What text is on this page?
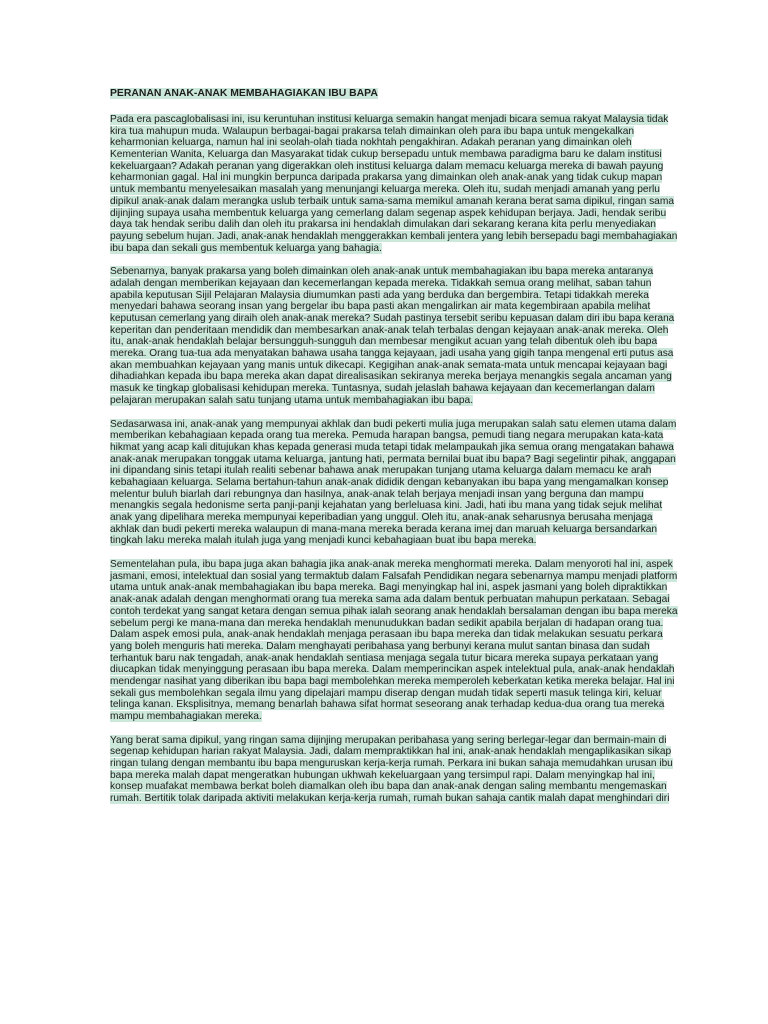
PERANAN ANAK-ANAK MEMBAHAGIAKAN IBU BAPA
Pada era pascaglobalisasi ini, isu keruntuhan institusi keluarga semakin hangat menjadi bicara semua rakyat Malaysia tidak
kira tua mahupun muda. Walaupun berbagai-bagai prakarsa telah dimainkan oleh para ibu bapa untuk mengekalkan
keharmonian keluarga, namun hal ini seolah-olah tiada nokhtah pengakhiran. Adakah peranan yang dimainkan oleh
Kementerian Wanita, Keluarga dan Masyarakat tidak cukup bersepadu untuk membawa paradigma baru ke dalam institusi
kekeluargaan? Adakah peranan yang digerakkan oleh institusi keluarga dalam memacu keluarga mereka di bawah payung
keharmonian gagal. Hal ini mungkin berpunca daripada prakarsa yang dimainkan oleh anak-anak yang tidak cukup mapan
untuk membantu menyelesaikan masalah yang menunjangi keluarga mereka. Oleh itu, sudah menjadi amanah yang perlu
dipikul anak-anak dalam merangka uslub terbaik untuk sama-sama memikul amanah kerana berat sama dipikul, ringan sama
dijinjing supaya usaha membentuk keluarga yang cemerlang dalam segenap aspek kehidupan berjaya. Jadi, hendak seribu
daya tak hendak seribu dalih dan oleh itu prakarsa ini hendaklah dimulakan dari sekarang kerana kita perlu menyediakan
payung sebelum hujan. Jadi, anak-anak hendaklah menggerakkan kembali jentera yang lebih bersepadu bagi membahagiakan
ibu bapa dan sekali gus membentuk keluarga yang bahagia.
Sebenarnya, banyak prakarsa yang boleh dimainkan oleh anak-anak untuk membahagiakan ibu bapa mereka antaranya
adalah dengan memberikan kejayaan dan kecemerlangan kepada mereka. Tidakkah semua orang melihat, saban tahun
apabila keputusan Sijil Pelajaran Malaysia diumumkan pasti ada yang berduka dan bergembira. Tetapi tidakkah mereka
menyedari bahawa seorang insan yang bergelar ibu bapa pasti akan mengalirkan air mata kegembiraan apabila melihat
keputusan cemerlang yang diraih oleh anak-anak mereka? Sudah pastinya tersebit seribu kepuasan dalam diri ibu bapa kerana
keperitan dan penderitaan mendidik dan membesarkan anak-anak telah terbalas dengan kejayaan anak-anak mereka. Oleh
itu, anak-anak hendaklah belajar bersungguh-sungguh dan membesar mengikut acuan yang telah dibentuk oleh ibu bapa
mereka. Orang tua-tua ada menyatakan bahawa usaha tangga kejayaan, jadi usaha yang gigih tanpa mengenal erti putus asa
akan membuahkan kejayaan yang manis untuk dikecapi. Kegigihan anak-anak semata-mata untuk mencapai kejayaan bagi
dihadiahkan kepada ibu bapa mereka akan dapat direalisasikan sekiranya mereka berjaya menangkis segala ancaman yang
masuk ke tingkap globalisasi kehidupan mereka. Tuntasnya, sudah jelaslah bahawa kejayaan dan kecemerlangan dalam
pelajaran merupakan salah satu tunjang utama untuk membahagiakan ibu bapa.
Sedasarwasa ini, anak-anak yang mempunyai akhlak dan budi pekerti mulia juga merupakan salah satu elemen utama dalam
memberikan kebahagiaan kepada orang tua mereka. Pemuda harapan bangsa, pemudi tiang negara merupakan kata-kata
hikmat yang acap kali ditujukan khas kepada generasi muda tetapi tidak melampaukah jika semua orang mengatakan bahawa
anak-anak merupakan tonggak utama keluarga, jantung hati, permata bernilai buat ibu bapa? Bagi segelintir pihak, anggapan
ini dipandang sinis tetapi itulah realiti sebenar bahawa anak merupakan tunjang utama keluarga dalam memacu ke arah
kebahagiaan keluarga. Selama bertahun-tahun anak-anak dididik dengan kebanyakan ibu bapa yang mengamalkan konsep
melentur buluh biarlah dari rebungnya dan hasilnya, anak-anak telah berjaya menjadi insan yang berguna dan mampu
menangkis segala hedonisme serta panji-panji kejahatan yang berleluasa kini. Jadi, hati ibu mana yang tidak sejuk melihat
anak yang dipelihara mereka mempunyai keperibadian yang unggul. Oleh itu, anak-anak seharusnya berusaha menjaga
akhlak dan budi pekerti mereka walaupun di mana-mana mereka berada kerana imej dan maruah keluarga bersandarkan
tingkah laku mereka malah itulah juga yang menjadi kunci kebahagiaan buat ibu bapa mereka.
Sementelahan pula, ibu bapa juga akan bahagia jika anak-anak mereka menghormati mereka. Dalam menyoroti hal ini, aspek
jasmani, emosi, intelektual dan sosial yang termaktub dalam Falsafah Pendidikan negara sebenarnya mampu menjadi platform
utama untuk anak-anak membahagiakan ibu bapa mereka. Bagi menyingkap hal ini, aspek jasmani yang boleh dipraktikkan
anak-anak adalah dengan menghormati orang tua mereka sama ada dalam bentuk perbuatan mahupun perkataan. Sebagai
contoh terdekat yang sangat ketara dengan semua pihak ialah seorang anak hendaklah bersalaman dengan ibu bapa mereka
sebelum pergi ke mana-mana dan mereka hendaklah menunudukkan badan sedikit apabila berjalan di hadapan orang tua.
Dalam aspek emosi pula, anak-anak hendaklah menjaga perasaan ibu bapa mereka dan tidak melakukan sesuatu perkara
yang boleh menguris hati mereka. Dalam menghayati peribahasa yang berbunyi kerana mulut santan binasa dan sudah
terhantuk baru nak tengadah, anak-anak hendaklah sentiasa menjaga segala tutur bicara mereka supaya perkataan yang
diucapkan tidak menyinggung perasaan ibu bapa mereka. Dalam memperincikan aspek intelektual pula, anak-anak hendaklah
mendengar nasihat yang diberikan ibu bapa bagi membolehkan mereka memperoleh keberkatan ketika mereka belajar. Hal ini
sekali gus membolehkan segala ilmu yang dipelajari mampu diserap dengan mudah tidak seperti masuk telinga kiri, keluar
telinga kanan. Eksplisitnya, memang benarlah bahawa sifat hormat seseorang anak terhadap kedua-dua orang tua mereka
mampu membahagiakan mereka.
Yang berat sama dipikul, yang ringan sama dijinjing merupakan peribahasa yang sering berlegar-legar dan bermain-main di
segenap kehidupan harian rakyat Malaysia. Jadi, dalam mempraktikkan hal ini, anak-anak hendaklah mengaplikasikan sikap
ringan tulang dengan membantu ibu bapa menguruskan kerja-kerja rumah. Perkara ini bukan sahaja memudahkan urusan ibu
bapa mereka malah dapat mengeratkan hubungan ukhwah kekeluargaan yang tersimpul rapi. Dalam menyingkap hal ini,
konsep muafakat membawa berkat boleh diamalkan oleh ibu bapa dan anak-anak dengan saling membantu mengemaskan
rumah. Bertitik tolak daripada aktiviti melakukan kerja-kerja rumah, rumah bukan sahaja cantik malah dapat menghindari diri
